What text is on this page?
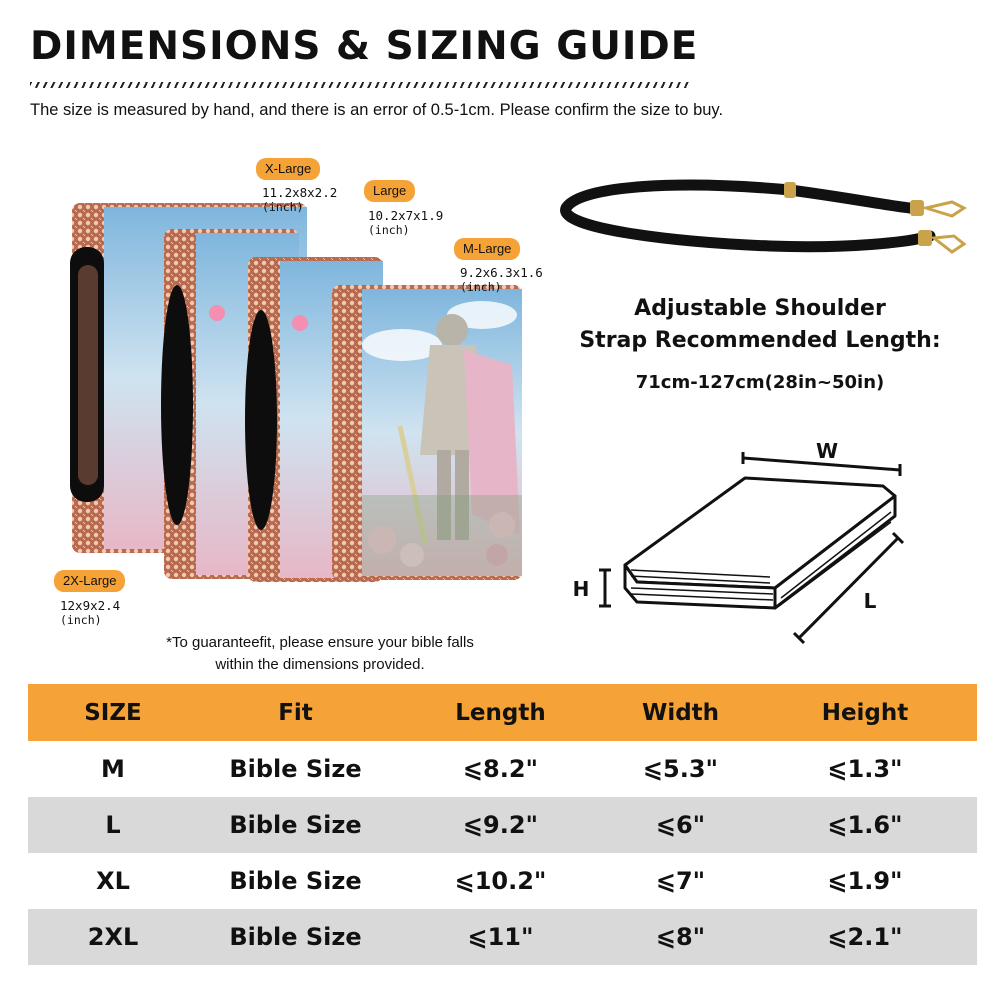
DIMENSIONS & SIZING GUIDE
The size is measured by hand, and there is an error of 0.5-1cm. Please confirm the size to buy.
X-Large
11.2x8x2.2
(inch)
Large
10.2x7x1.9
(inch)
M-Large
9.2x6.3x1.6
(inch)
2X-Large
12x9x2.4
(inch)
*To guaranteefit, please ensure your bible falls
within the dimensions provided.
Adjustable Shoulder
Strap Recommended Length:
71cm-127cm(28in~50in)
W
H	L
SIZE	Fit	Length	Width	Height
M	Bible Size	⩽8.2"	⩽5.3"	⩽1.3"
L	Bible Size	⩽9.2"	⩽6"	⩽1.6"
XL	Bible Size	⩽10.2"	⩽7"	⩽1.9"
2XL	Bible Size	⩽11"	⩽8"	⩽2.1"
